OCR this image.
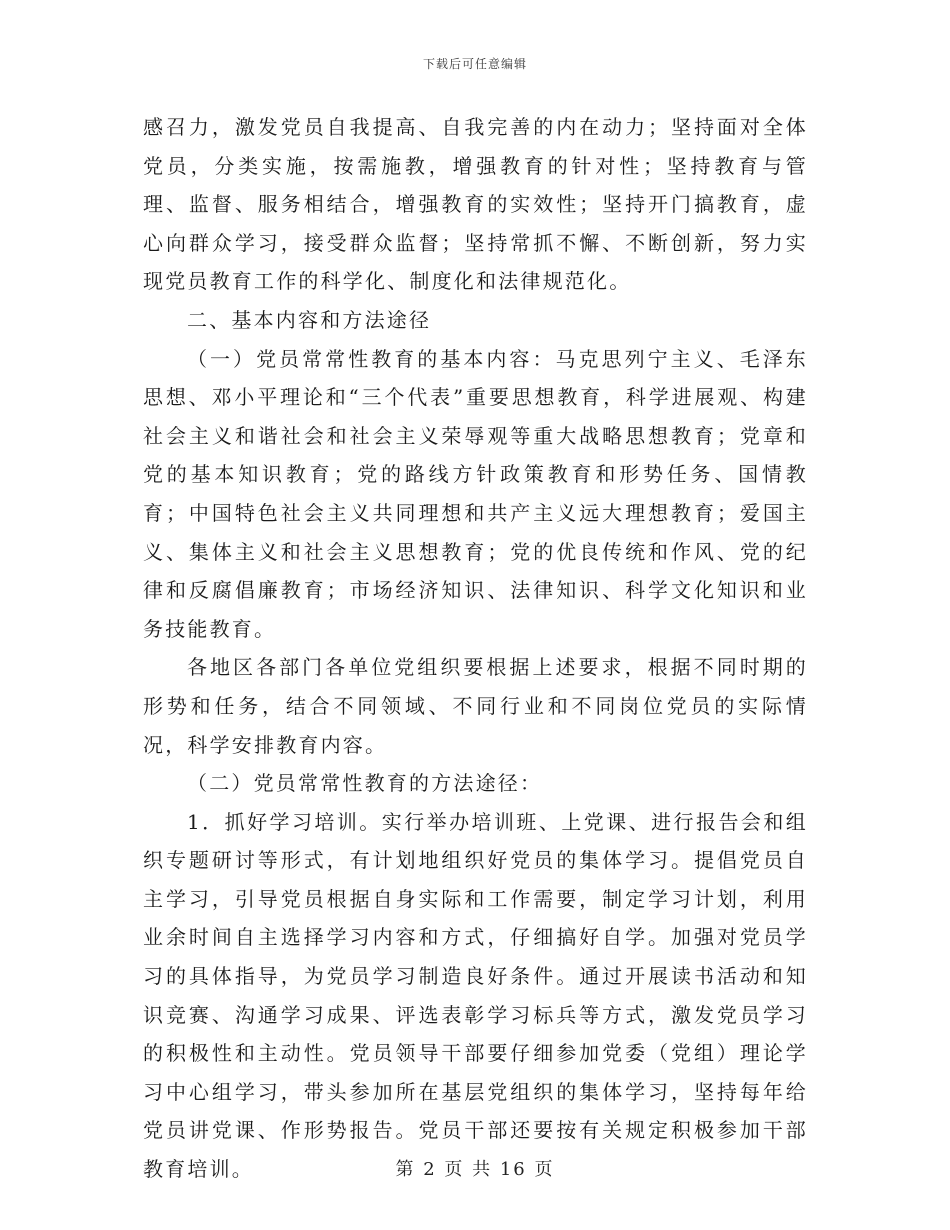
下载后可任意编辑

感召力，激发党员自我提高、自我完善的内在动力；坚持面对全体党员，分类实施，按需施教，增强教育的针对性；坚持教育与管理、监督、服务相结合，增强教育的实效性；坚持开门搞教育，虚心向群众学习，接受群众监督；坚持常抓不懈、不断创新，努力实现党员教育工作的科学化、制度化和法律规范化。

二、基本内容和方法途径

（一）党员常常性教育的基本内容：马克思列宁主义、毛泽东思想、邓小平理论和“三个代表”重要思想教育，科学进展观、构建社会主义和谐社会和社会主义荣辱观等重大战略思想教育；党章和党的基本知识教育；党的路线方针政策教育和形势任务、国情教育；中国特色社会主义共同理想和共产主义远大理想教育；爱国主义、集体主义和社会主义思想教育；党的优良传统和作风、党的纪律和反腐倡廉教育；市场经济知识、法律知识、科学文化知识和业务技能教育。

各地区各部门各单位党组织要根据上述要求，根据不同时期的形势和任务，结合不同领域、不同行业和不同岗位党员的实际情况，科学安排教育内容。

（二）党员常常性教育的方法途径：

1．抓好学习培训。实行举办培训班、上党课、进行报告会和组织专题研讨等形式，有计划地组织好党员的集体学习。提倡党员自主学习，引导党员根据自身实际和工作需要，制定学习计划，利用业余时间自主选择学习内容和方式，仔细搞好自学。加强对党员学习的具体指导，为党员学习制造良好条件。通过开展读书活动和知识竞赛、沟通学习成果、评选表彰学习标兵等方式，激发党员学习的积极性和主动性。党员领导干部要仔细参加党委（党组）理论学习中心组学习，带头参加所在基层党组织的集体学习，坚持每年给党员讲党课、作形势报告。党员干部还要按有关规定积极参加干部教育培训。	第 2 页 共 16 页
